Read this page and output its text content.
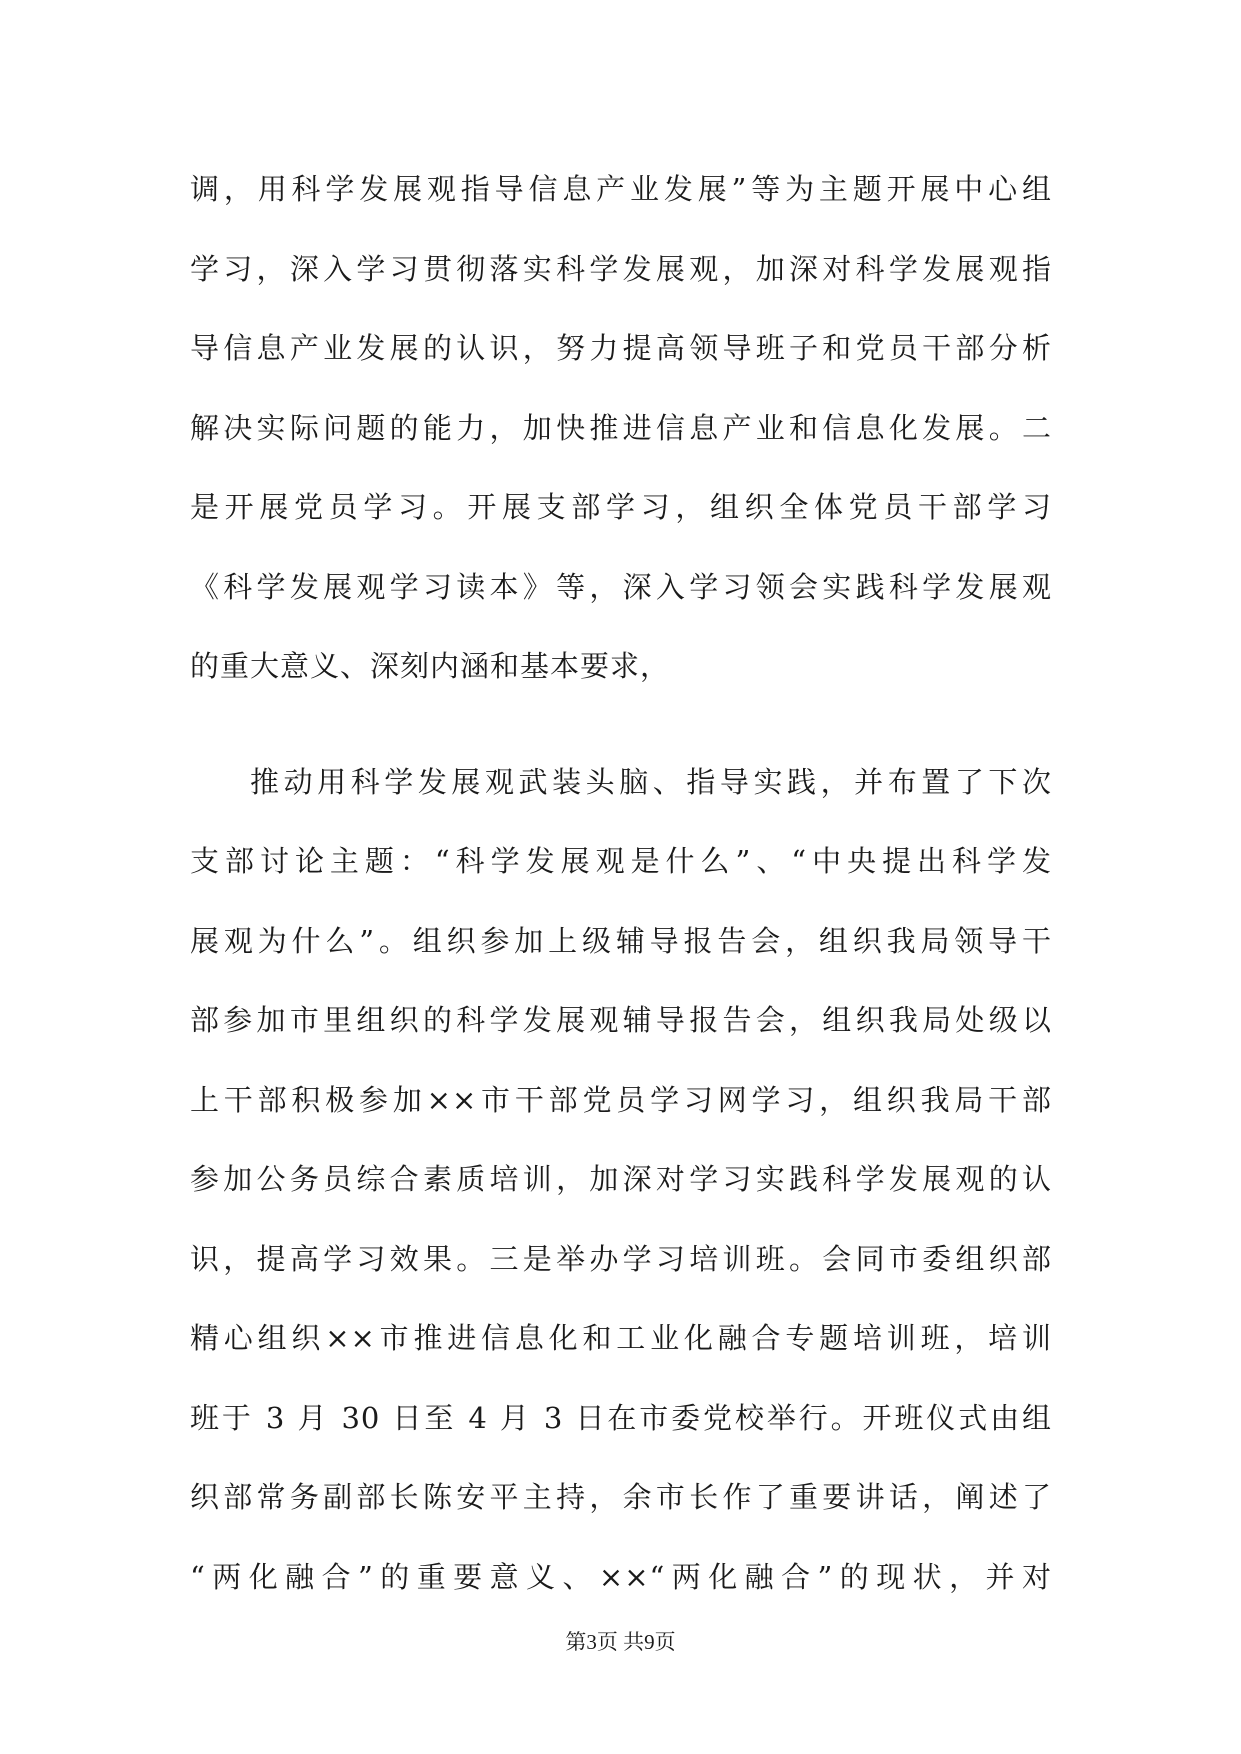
调，用科学发展观指导信息产业发展”等为主题开展中心组
学习，深入学习贯彻落实科学发展观，加深对科学发展观指
导信息产业发展的认识，努力提高领导班子和党员干部分析
解决实际问题的能力，加快推进信息产业和信息化发展。二
是开展党员学习。开展支部学习，组织全体党员干部学习
《科学发展观学习读本》等，深入学习领会实践科学发展观
的重大意义、深刻内涵和基本要求，
推动用科学发展观武装头脑、指导实践，并布置了下次
支部讨论主题：“科学发展观是什么”、“中央提出科学发
展观为什么”。组织参加上级辅导报告会，组织我局领导干
部参加市里组织的科学发展观辅导报告会，组织我局处级以
上干部积极参加××市干部党员学习网学习，组织我局干部
参加公务员综合素质培训，加深对学习实践科学发展观的认
识，提高学习效果。三是举办学习培训班。会同市委组织部
精心组织××市推进信息化和工业化融合专题培训班，培训
班于 3 月 30 日至 4 月 3 日在市委党校举行。开班仪式由组
织部常务副部长陈安平主持，余市长作了重要讲话，阐述了
“两化融合”的重要意义、××“两化融合”的现状，并对
第3页 共9页
